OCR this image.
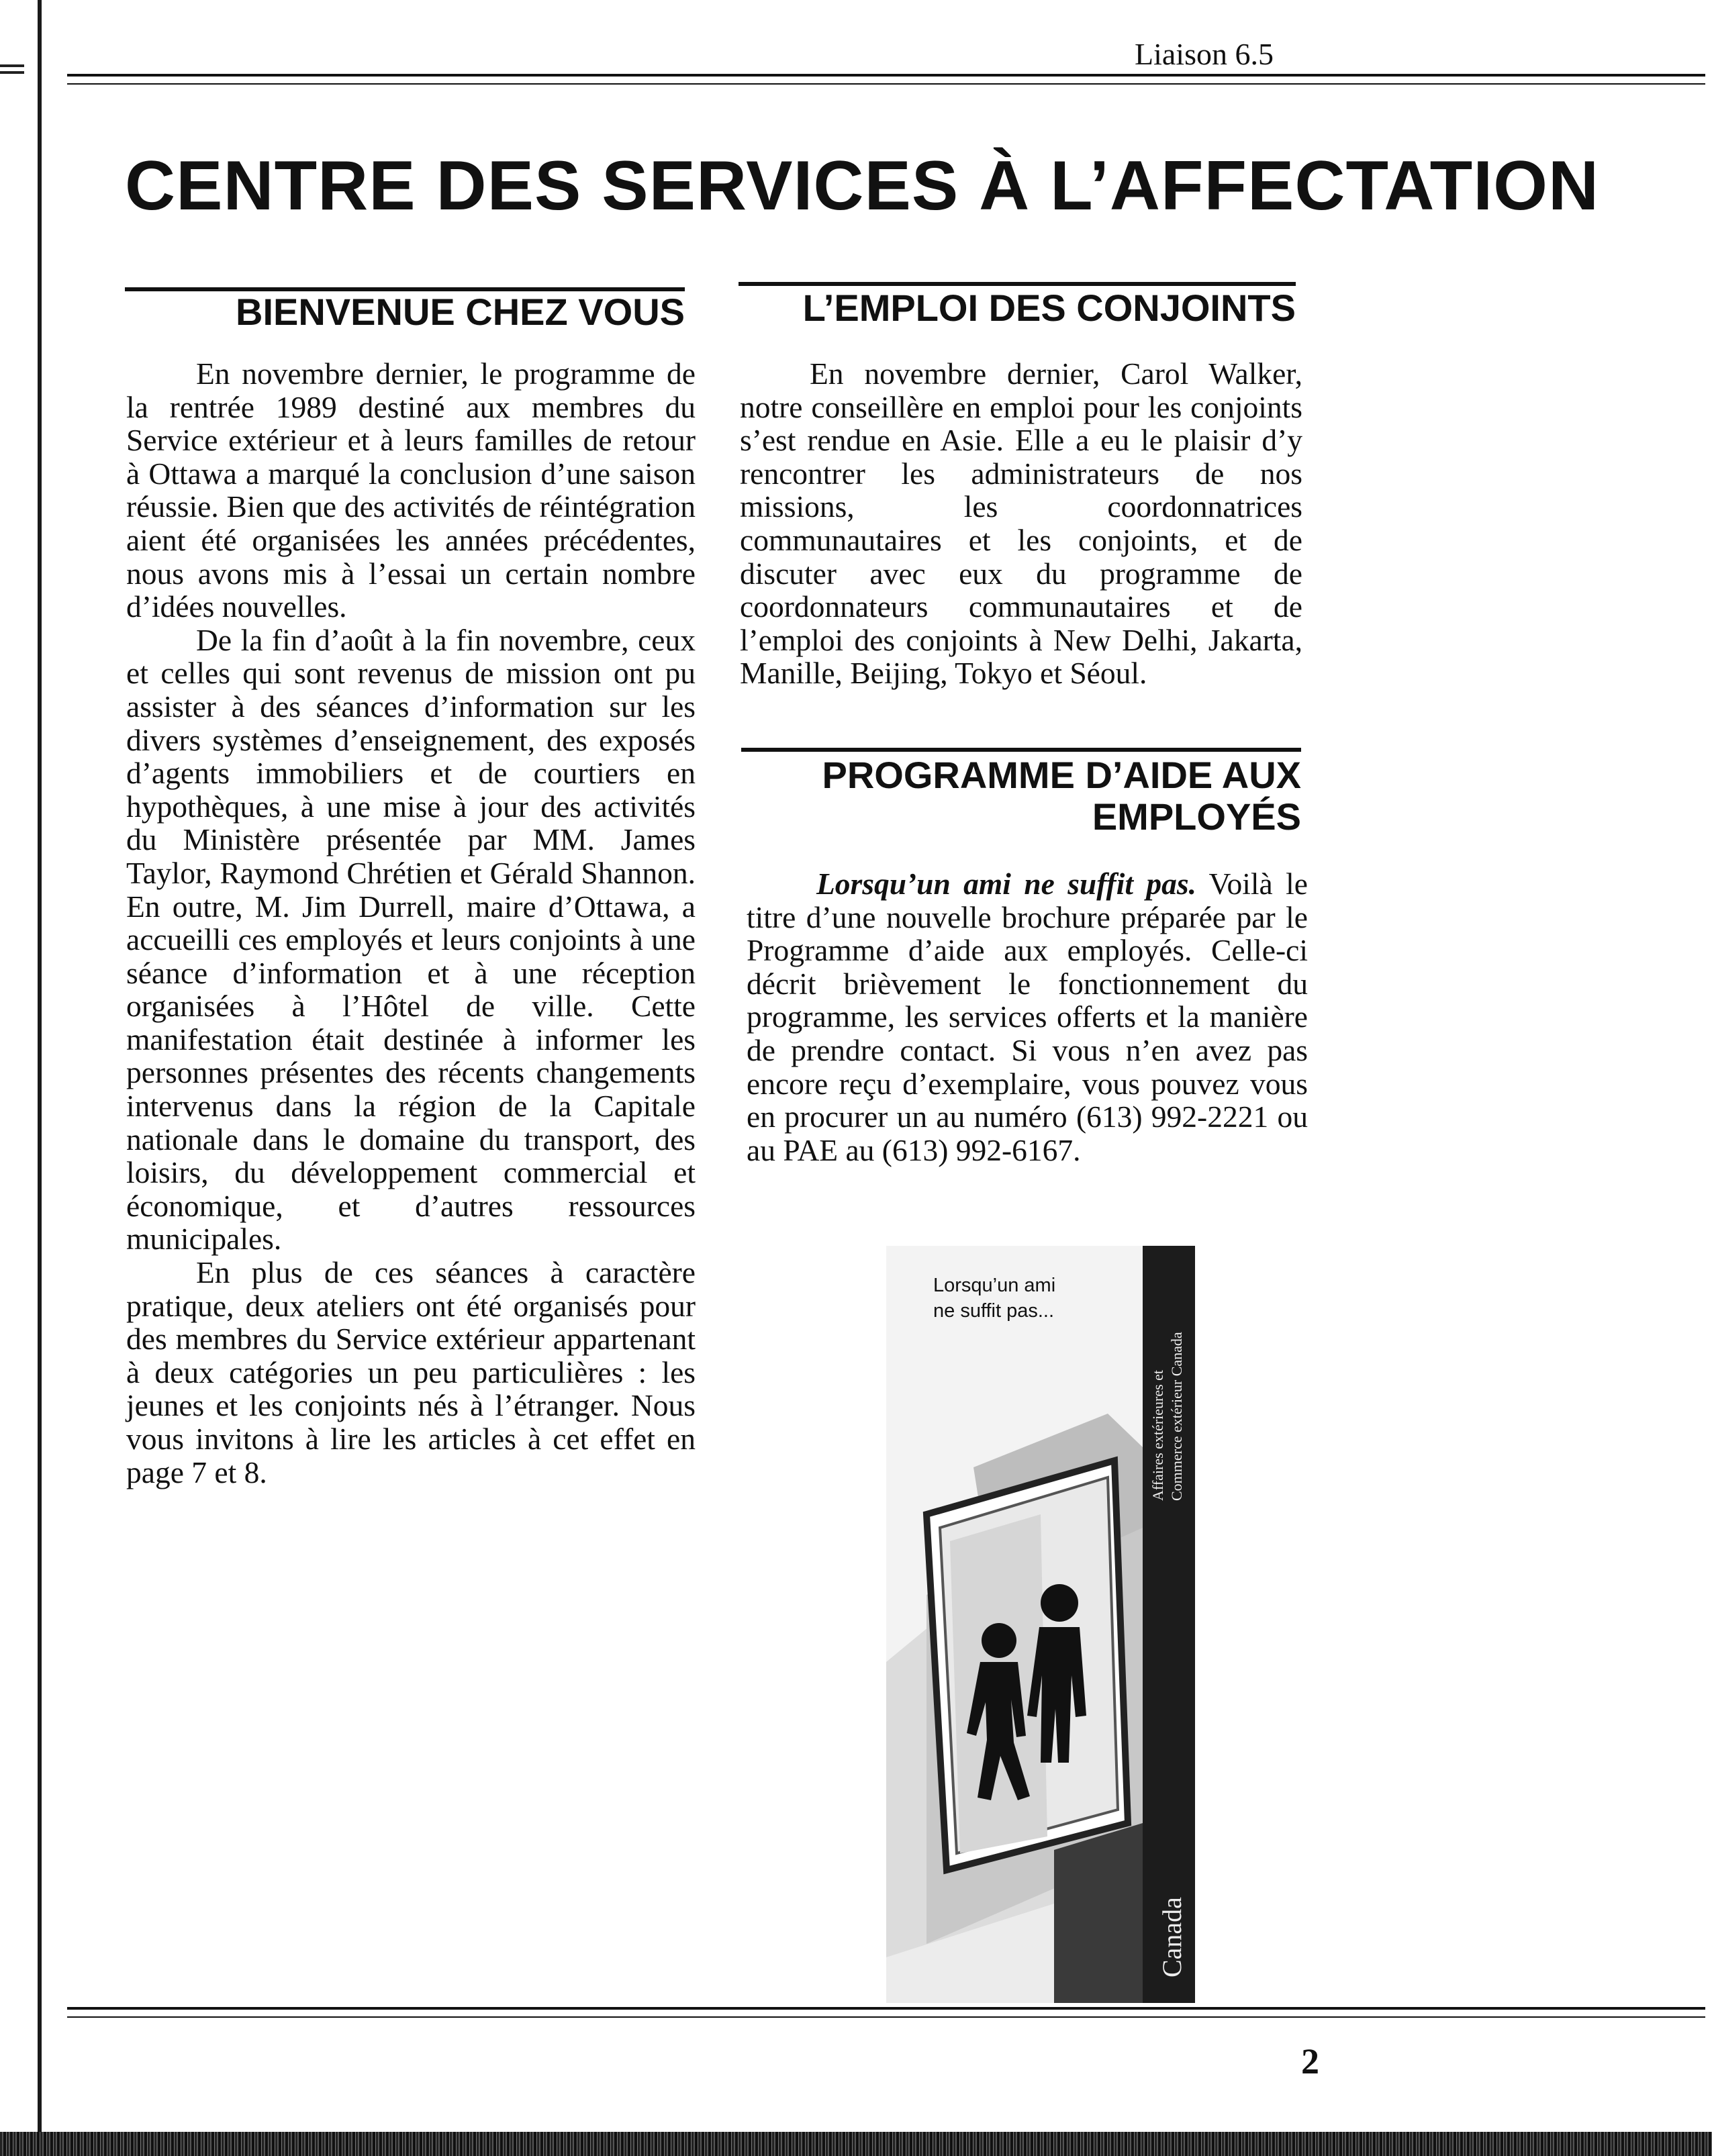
Liaison 6.5
CENTRE DES SERVICES À L’AFFECTATION
BIENVENUE CHEZ VOUS

En novembre dernier, le programme de la rentrée 1989 destiné aux membres du Service extérieur et à leurs familles de retour à Ottawa a marqué la conclusion d’une saison réussie. Bien que des activités de réintégration aient été organisées les années précédentes, nous avons mis à l’essai un certain nombre d’idées nouvelles.

De la fin d’août à la fin novembre, ceux et celles qui sont revenus de mission ont pu assister à des séances d’information sur les divers systèmes d’enseignement, des exposés d’agents immobiliers et de courtiers en hypothèques, à une mise à jour des activités du Ministère présentée par MM. James Taylor, Raymond Chrétien et Gérald Shannon. En outre, M. Jim Durrell, maire d’Ottawa, a accueilli ces employés et leurs conjoints à une séance d’information et à une réception organisées à l’Hôtel de ville. Cette manifestation était destinée à informer les personnes présentes des récents changements intervenus dans la région de la Capitale nationale dans le domaine du transport, des loisirs, du développement commercial et économique, et d’autres ressources municipales.

En plus de ces séances à caractère pratique, deux ateliers ont été organisés pour des membres du Service extérieur appartenant à deux catégories un peu particulières : les jeunes et les conjoints nés à l’étranger. Nous vous invitons à lire les articles à cet effet en page 7 et 8.

L’EMPLOI DES CONJOINTS

En novembre dernier, Carol Walker, notre conseillère en emploi pour les conjoints s’est rendue en Asie. Elle a eu le plaisir d’y rencontrer les administrateurs de nos missions, les coordonnatrices communautaires et les conjoints, et de discuter avec eux du programme de coordonnateurs communautaires et de l’emploi des conjoints à New Delhi, Jakarta, Manille, Beijing, Tokyo et Séoul.

PROGRAMME D’AIDE AUX
EMPLOYÉS

Lorsqu’un ami ne suffit pas. Voilà le titre d’une nouvelle brochure préparée par le Programme d’aide aux employés. Celle-ci décrit brièvement le fonctionnement du programme, les services offerts et la manière de prendre contact. Si vous n’en avez pas encore reçu d’exemplaire, vous pouvez vous en procurer un au numéro (613) 992-2221 ou au PAE au (613) 992-6167.

Lorsqu’un ami
ne suffit pas...
Affaires extérieures et Commerce extérieur Canada
Canada
2
